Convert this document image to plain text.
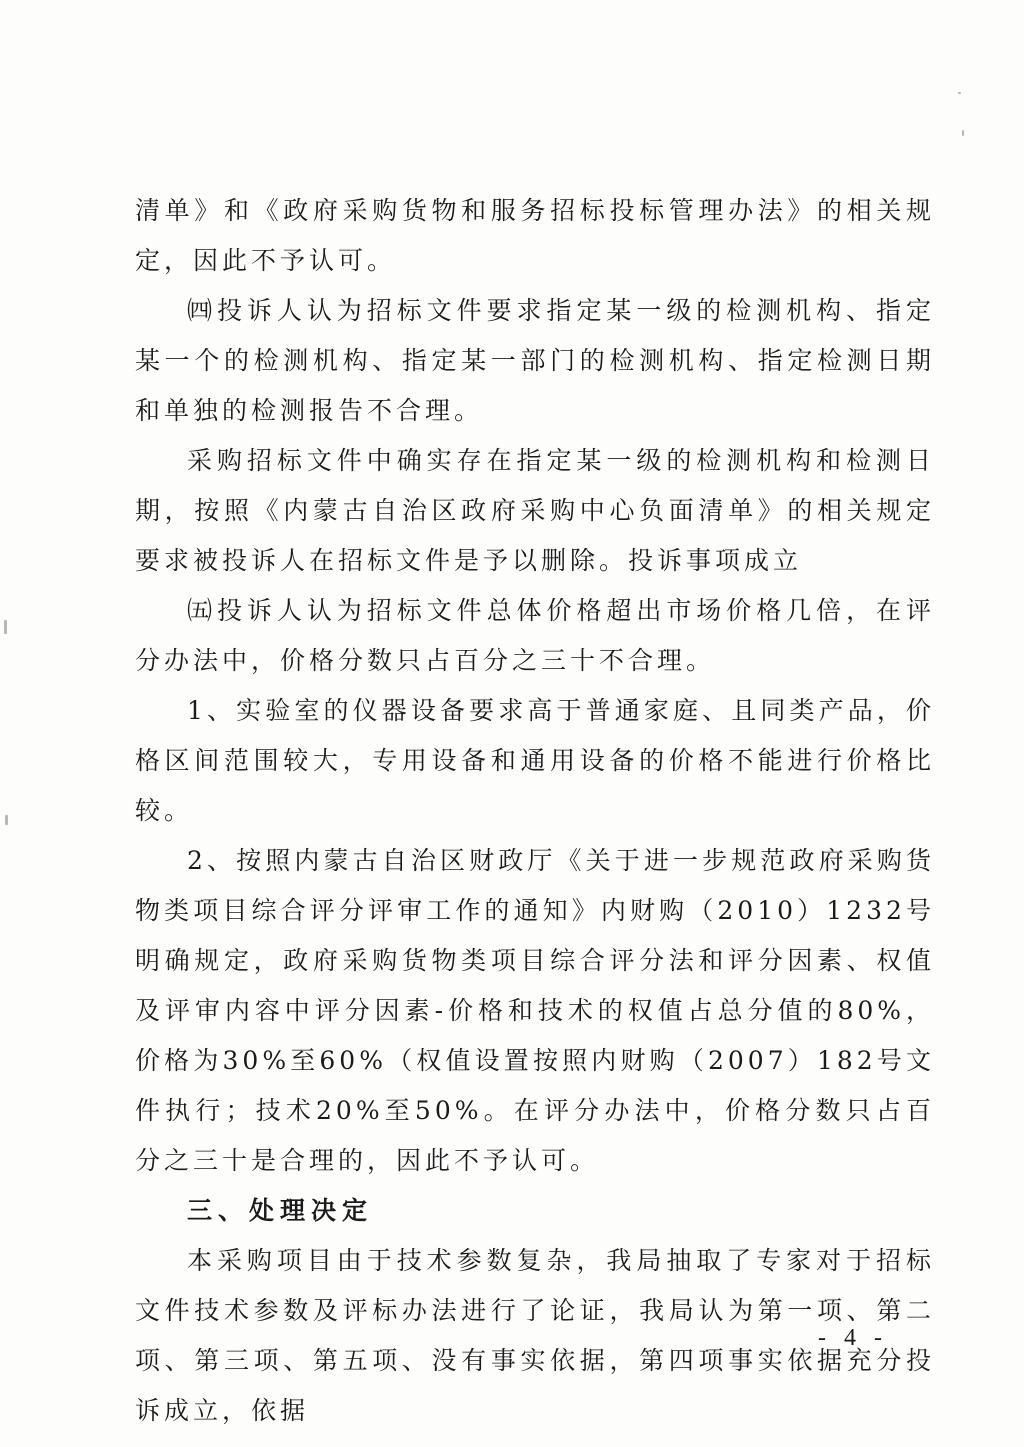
清单》和《政府采购货物和服务招标投标管理办法》的相关规定，因此不予认可。

㈣投诉人认为招标文件要求指定某一级的检测机构、指定某一个的检测机构、指定某一部门的检测机构、指定检测日期和单独的检测报告不合理。

采购招标文件中确实存在指定某一级的检测机构和检测日期，按照《内蒙古自治区政府采购中心负面清单》的相关规定要求被投诉人在招标文件是予以删除。投诉事项成立

㈤投诉人认为招标文件总体价格超出市场价格几倍，在评分办法中，价格分数只占百分之三十不合理。

1、实验室的仪器设备要求高于普通家庭、且同类产品，价格区间范围较大，专用设备和通用设备的价格不能进行价格比较。

2、按照内蒙古自治区财政厅《关于进一步规范政府采购货物类项目综合评分评审工作的通知》内财购（2010）1232号明确规定，政府采购货物类项目综合评分法和评分因素、权值 及评审内容中评分因素-价格和技术的权值占总分值的80%，价格为30%至60%（权值设置按照内财购（2007）182号文件执行；技术20%至50%。在评分办法中，价格分数只占百分之三十是合理的，因此不予认可。

三、处理决定

本采购项目由于技术参数复杂，我局抽取了专家对于招标文件技术参数及评标办法进行了论证，我局认为第一项、第二项、第三项、第五项、没有事实依据，第四项事实依据充分投诉成立，依据

- 4 -
